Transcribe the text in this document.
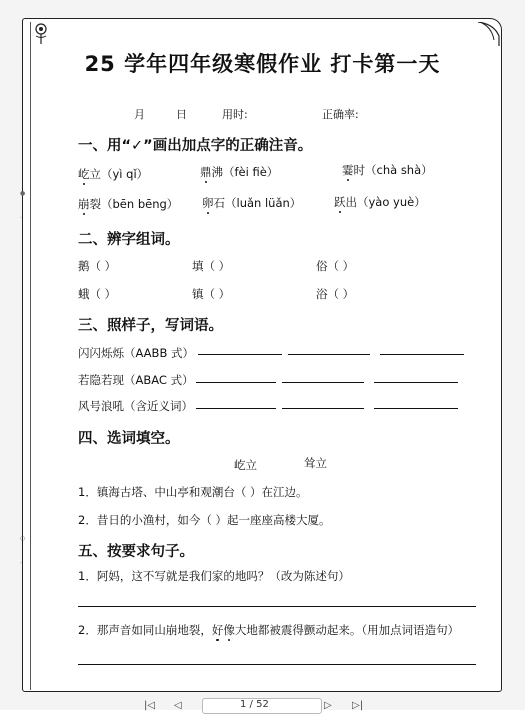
●
·
○
·
25 学年四年级寒假作业 打卡第一天
月	日	用时:	正确率:
一、用“✓”画出加点字的正确注音。
屹立（yì qǐ）	鼎沸（fèi fiè）	霎时（chà shà）
崩裂（bēn bēng） 卵石（luǎn lüǎn）	跃出（yào yuè）
二、辨字组词。
鹅（ ）	填（ ）	俗（ ）
蛾（ ）	镇（ ）	浴（ ）
三、照样子，写词语。
闪闪烁烁（AABB 式）
若隐若现（ABAC 式）
风号浪吼（含近义词）
四、选词填空。
屹立	耸立
1．镇海古塔、中山亭和观潮台（ ）在江边。
2．昔日的小渔村，如今（ ）起一座座高楼大厦。
五、按要求句子。
1．阿妈，这不写就是我们家的地吗？（改为陈述句）
2．那声音如同山崩地裂，好像大地都被震得颤动起来。（用加点词语造句）
|◁ ◁	1 / 52	▷ ▷|
